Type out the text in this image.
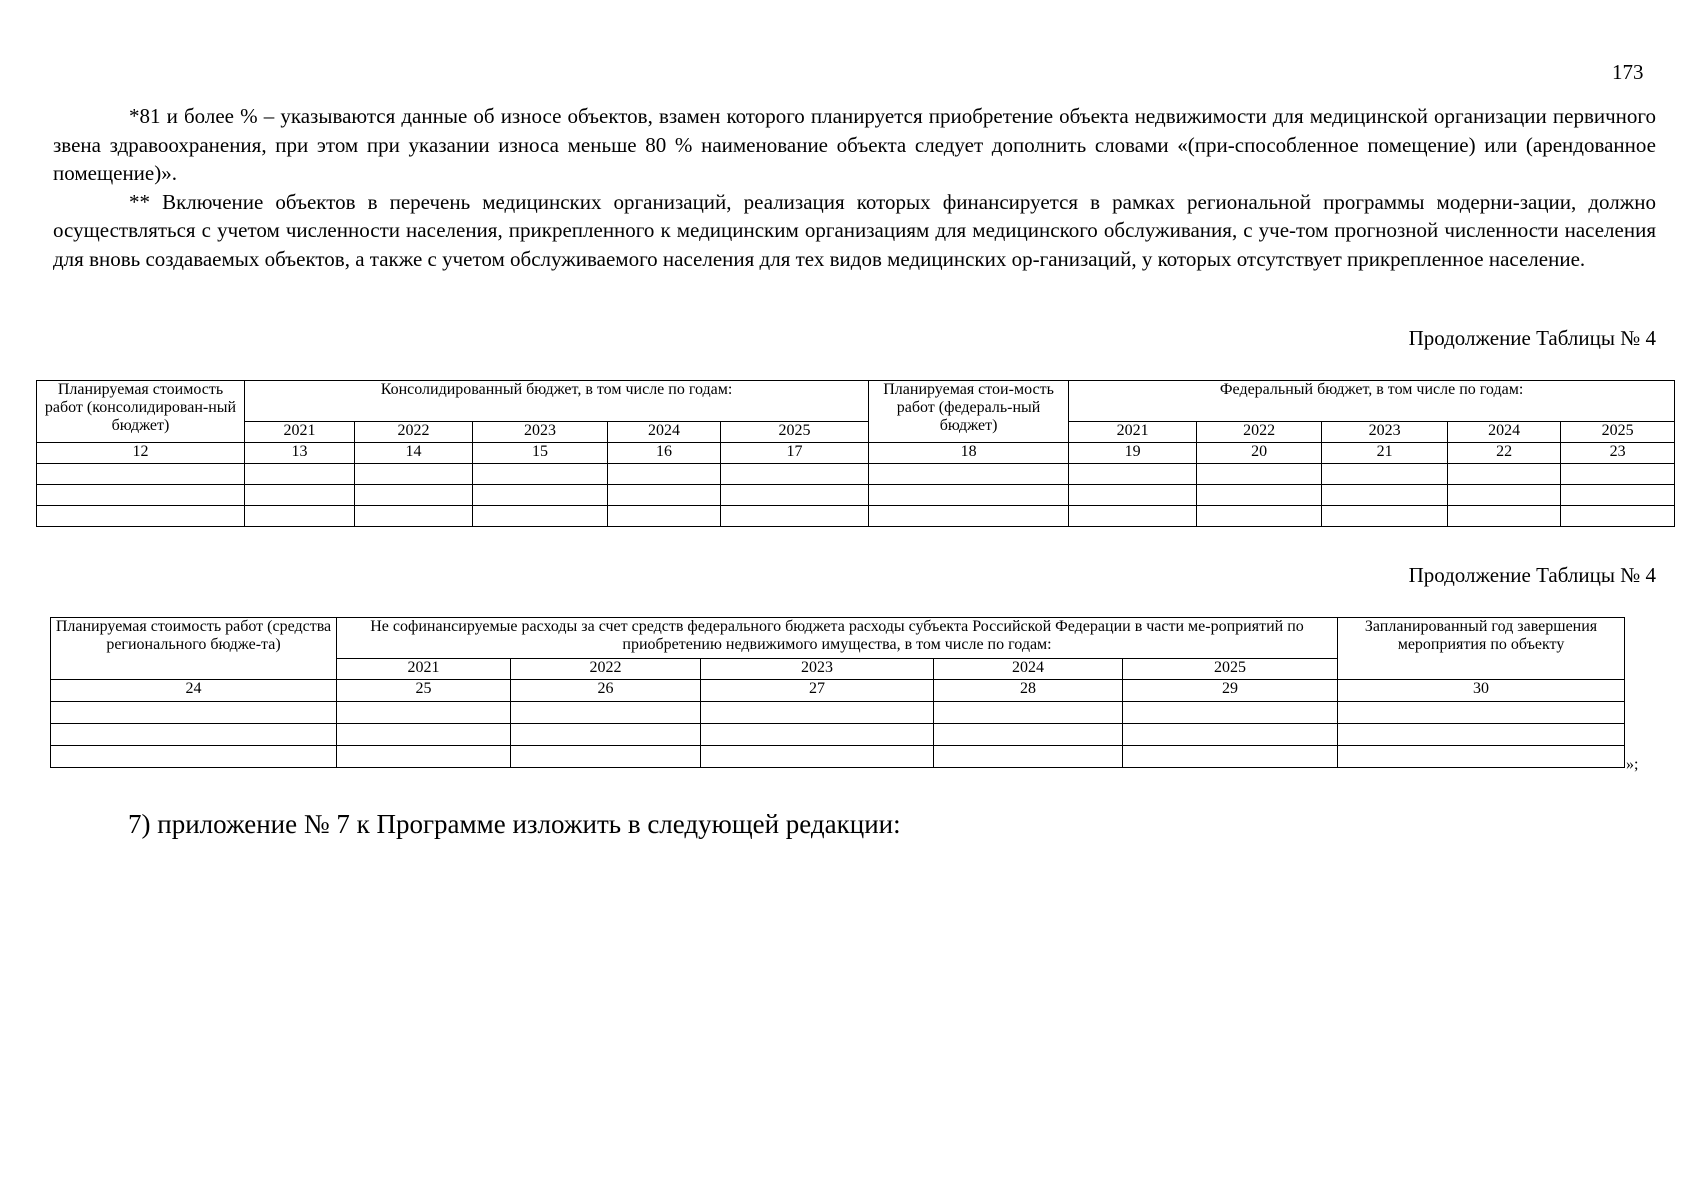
173

*81 и более % – указываются данные об износе объектов, взамен которого планируется приобретение объекта недвижимости для медицинской организации первичного звена здравоохранения, при этом при указании износа меньше 80 % наименование объекта следует дополнить словами «(при-способленное помещение) или (арендованное помещение)».

** Включение объектов в перечень медицинских организаций, реализация которых финансируется в рамках региональной программы модерни-зации, должно осуществляться с учетом численности населения, прикрепленного к медицинским организациям для медицинского обслуживания, с уче-том прогнозной численности населения для вновь создаваемых объектов, а также с учетом обслуживаемого населения для тех видов медицинских ор-ганизаций, у которых отсутствует прикрепленное население.

Продолжение Таблицы № 4
Планируемая стоимость работ (консолидирован-ный бюджет)	Консолидированный бюджет, в том числе по годам:					Планируемая стои-мость работ (федераль-ный бюджет)	Федеральный бюджет, в том числе по годам:				
	2021	2022	2023	2024	2025		2021	2022	2023	2024	2025
12	13	14	15	16	17	18	19	20	21	22	23

Продолжение Таблицы № 4
Планируемая стоимость работ (средства регионального бюдже-та)	Не софинансируемые расходы за счет средств федерального бюджета расходы субъекта Российской Федерации в части ме-роприятий по приобретению недвижимого имущества, в том числе по годам:					Запланированный год завершения мероприятия по объекту
	2021	2022	2023	2024	2025	
24	25	26	27	28	29	30

»;
7) приложение № 7 к Программе изложить в следующей редакции:
